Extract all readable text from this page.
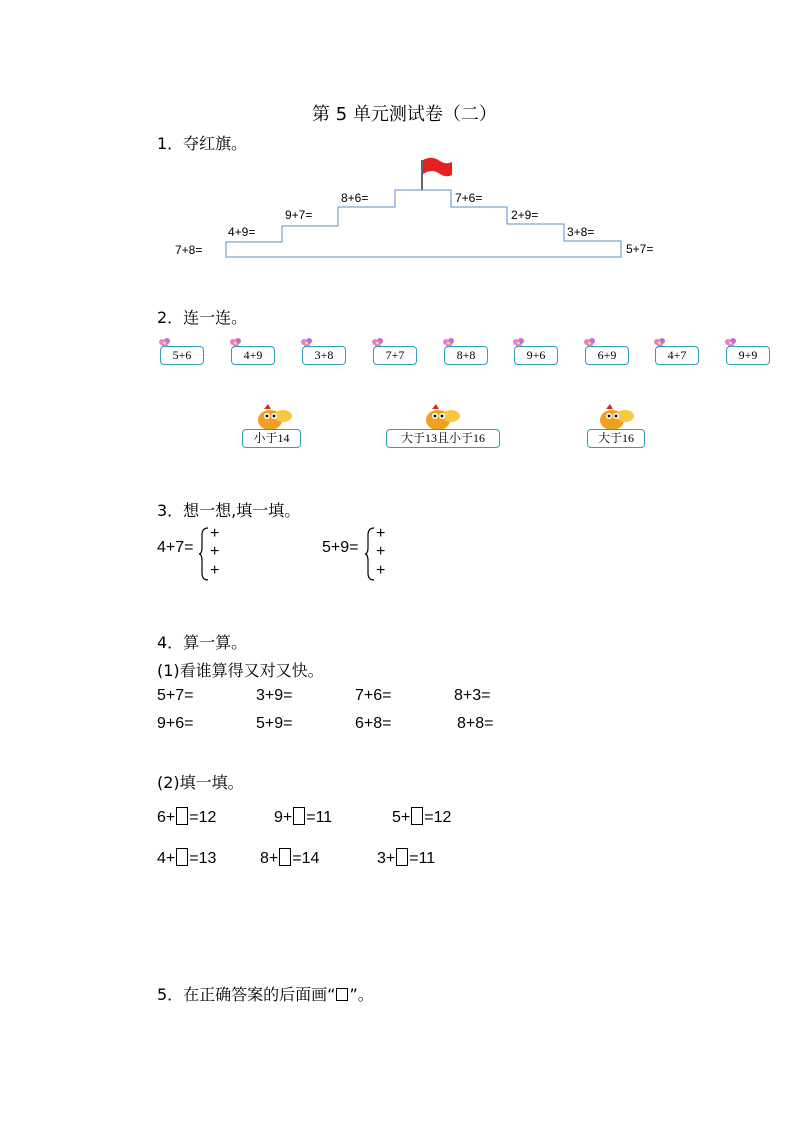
第 5 单元测试卷（二）
1．夺红旗。
7+8=
4+9=
9+7=
8+6=	7+6=
2+9=
3+8=
5+7=
2．连一连。
5+6	4+9	3+8	7+7	8+8	9+6	6+9	4+7	9+9
小于14	大于13且小于16	大于16
3．想一想,填一填。
4+7=
+
+
+
5+9=
+
+
+
4．算一算。
(1)看谁算得又对又快。
5+7=	3+9=	7+6=	8+3=
9+6=	5+9=	6+8=	8+8=
(2)填一填。
6+ =12	9+ =11	5+ =12
4+ =13	8+ =14	3+ =11
5．在正确答案的后面画“ ”。
